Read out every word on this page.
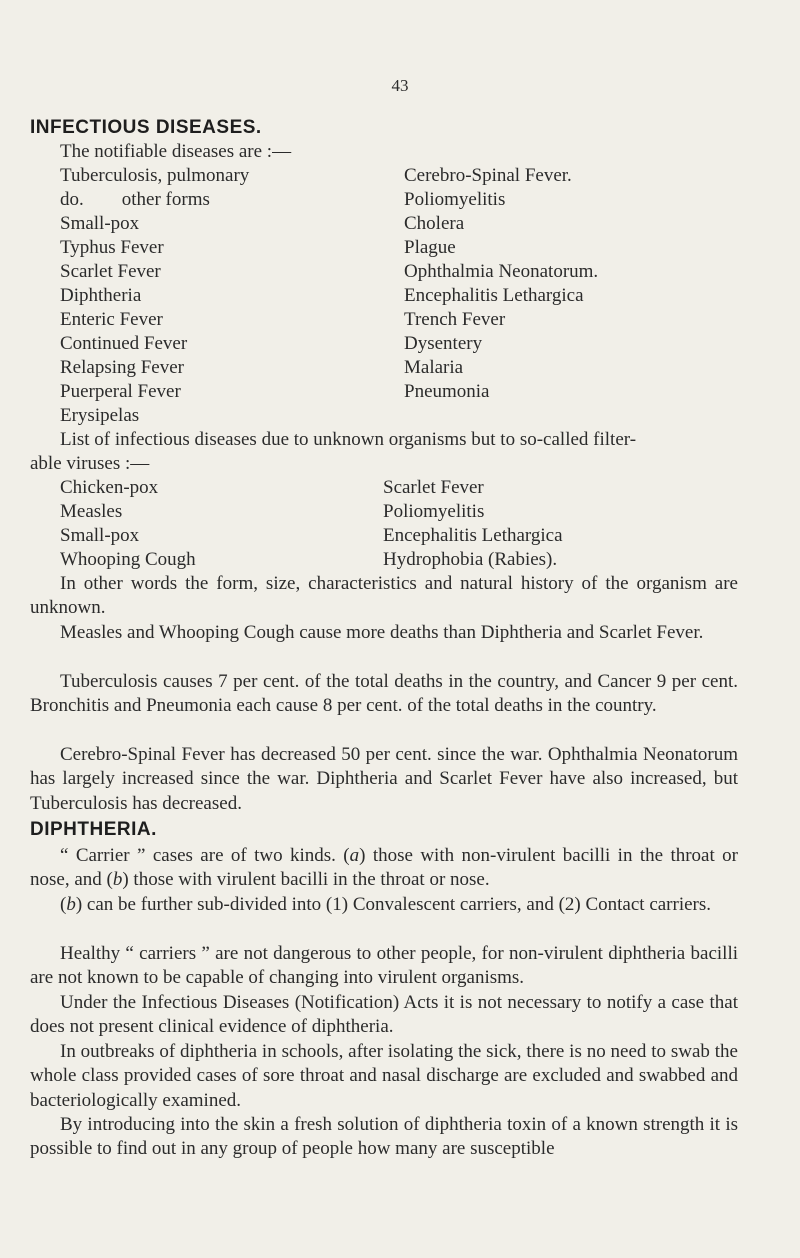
43
INFECTIOUS DISEASES.
The notifiable diseases are :—
Tuberculosis, pulmonary
do.        other forms
Small-pox
Typhus Fever
Scarlet Fever
Diphtheria
Enteric Fever
Continued Fever
Relapsing Fever
Puerperal Fever
Erysipelas
Cerebro-Spinal Fever.
Poliomyelitis
Cholera
Plague
Ophthalmia Neonatorum.
Encephalitis Lethargica
Trench Fever
Dysentery
Malaria
Pneumonia
List of infectious diseases due to unknown organisms but to so-called filter-
able viruses :—
Chicken-pox
Measles
Small-pox
Whooping Cough
Scarlet Fever
Poliomyelitis
Encephalitis Lethargica
Hydrophobia (Rabies).
In other words the form, size, characteristics and natural history of the organism are unknown.
Measles and Whooping Cough cause more deaths than Diphtheria and Scarlet Fever.
Tuberculosis causes 7 per cent. of the total deaths in the country, and Cancer 9 per cent. Bronchitis and Pneumonia each cause 8 per cent. of the total deaths in the country.
Cerebro-Spinal Fever has decreased 50 per cent. since the war. Ophthalmia Neonatorum has largely increased since the war. Diphtheria and Scarlet Fever have also increased, but Tuberculosis has decreased.
DIPHTHERIA.
“ Carrier ” cases are of two kinds. (a) those with non-virulent bacilli in the throat or nose, and (b) those with virulent bacilli in the throat or nose.
(b) can be further sub-divided into (1) Convalescent carriers, and (2) Contact carriers.
Healthy “ carriers ” are not dangerous to other people, for non-virulent diphtheria bacilli are not known to be capable of changing into virulent organisms.
Under the Infectious Diseases (Notification) Acts it is not necessary to notify a case that does not present clinical evidence of diphtheria.
In outbreaks of diphtheria in schools, after isolating the sick, there is no need to swab the whole class provided cases of sore throat and nasal discharge are excluded and swabbed and bacteriologically examined.
By introducing into the skin a fresh solution of diphtheria toxin of a known strength it is possible to find out in any group of people how many are susceptible
